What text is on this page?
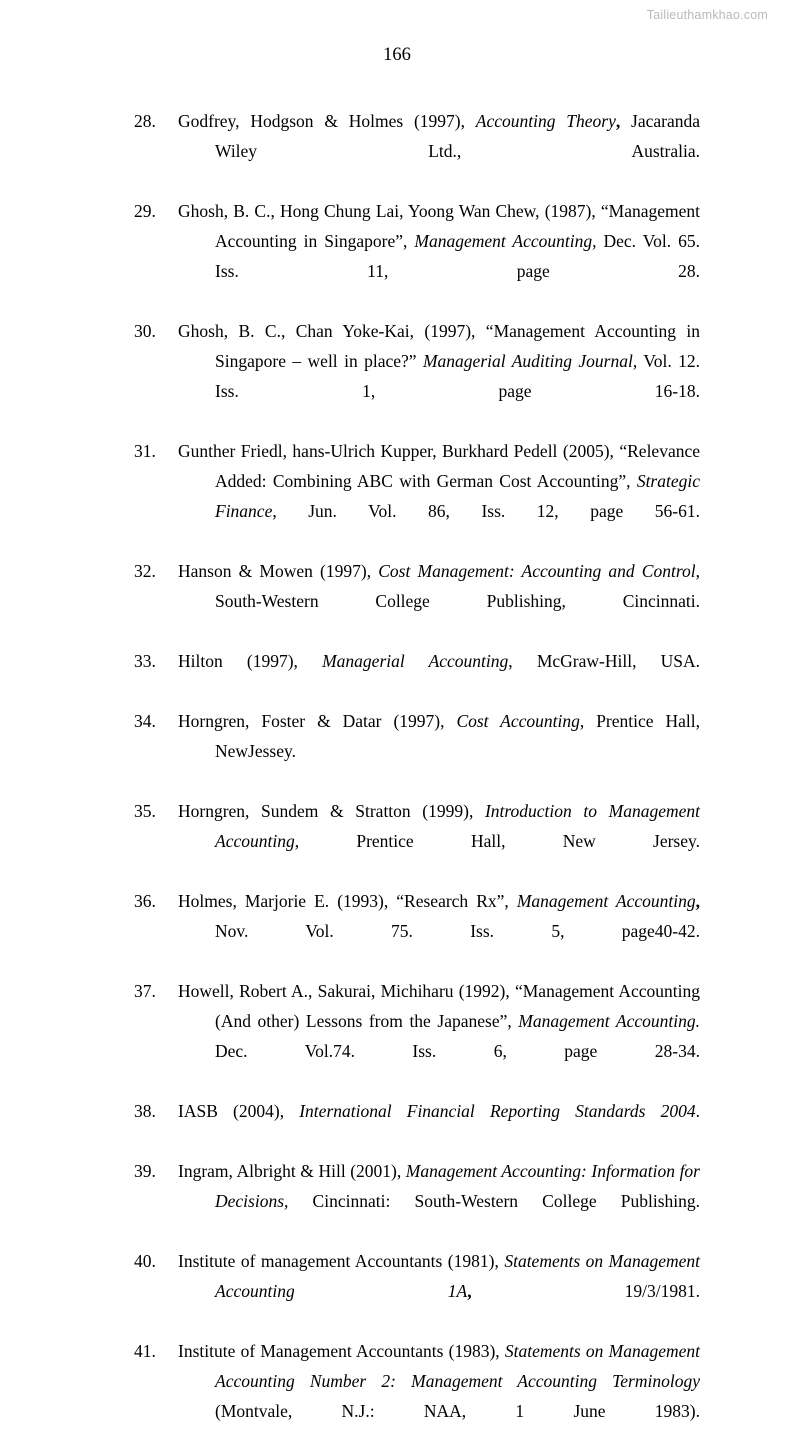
Tailieuthamkhao.com
166
28.	Godfrey, Hodgson & Holmes (1997), Accounting Theory, Jacaranda Wiley Ltd., Australia.
29.	Ghosh, B. C., Hong Chung Lai, Yoong Wan Chew, (1987), “Management Accounting in Singapore”, Management Accounting, Dec. Vol. 65. Iss. 11, page 28.
30.	Ghosh, B. C., Chan Yoke-Kai, (1997), “Management Accounting in Singapore – well in place?” Managerial Auditing Journal, Vol. 12. Iss. 1, page 16-18.
31.	Gunther Friedl, hans-Ulrich Kupper, Burkhard Pedell (2005), “Relevance Added: Combining ABC with German Cost Accounting”, Strategic Finance, Jun. Vol. 86, Iss. 12, page 56-61.
32.	Hanson & Mowen (1997), Cost Management: Accounting and Control, South-Western College Publishing, Cincinnati.
33.	Hilton (1997), Managerial Accounting, McGraw-Hill, USA.
34.	Horngren, Foster & Datar (1997), Cost Accounting, Prentice Hall, NewJessey.
35.	Horngren, Sundem & Stratton (1999), Introduction to Management Accounting, Prentice Hall, New Jersey.
36.	Holmes, Marjorie E. (1993), “Research Rx”, Management Accounting, Nov. Vol. 75. Iss. 5, page40-42.
37.	Howell, Robert A., Sakurai, Michiharu (1992), “Management Accounting (And other) Lessons from the Japanese”, Management Accounting. Dec. Vol.74. Iss. 6, page 28-34.
38.	IASB (2004), International Financial Reporting Standards 2004.
39.	Ingram, Albright & Hill (2001), Management Accounting: Information for Decisions, Cincinnati: South-Western College Publishing.
40.	Institute of management Accountants (1981), Statements on Management Accounting 1A, 19/3/1981.
41.	Institute of Management Accountants (1983), Statements on Management Accounting Number 2: Management Accounting Terminology (Montvale, N.J.: NAA, 1 June 1983).
